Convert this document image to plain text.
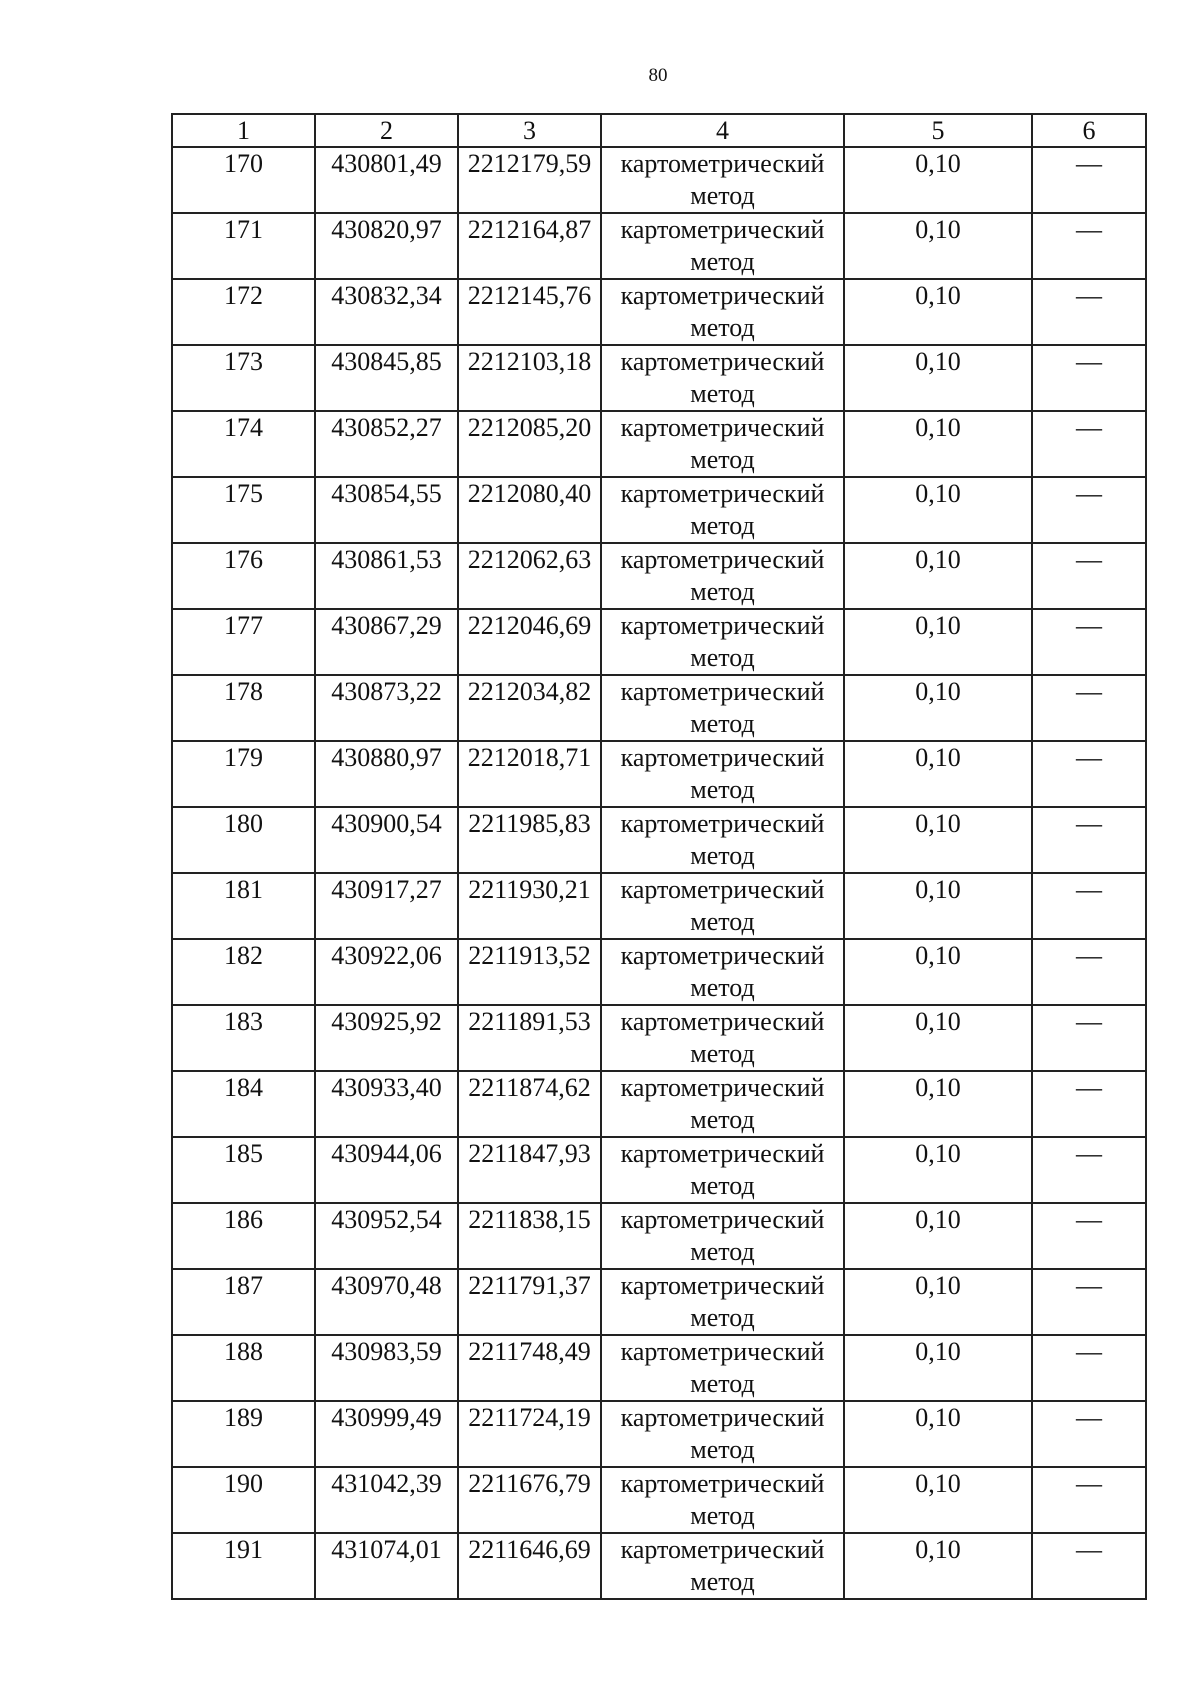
80
1	2	3	4	5	6
170	430801,49	2212179,59	картометрический
метод	0,10	—
171	430820,97	2212164,87	картометрический
метод	0,10	—
172	430832,34	2212145,76	картометрический
метод	0,10	—
173	430845,85	2212103,18	картометрический
метод	0,10	—
174	430852,27	2212085,20	картометрический
метод	0,10	—
175	430854,55	2212080,40	картометрический
метод	0,10	—
176	430861,53	2212062,63	картометрический
метод	0,10	—
177	430867,29	2212046,69	картометрический
метод	0,10	—
178	430873,22	2212034,82	картометрический
метод	0,10	—
179	430880,97	2212018,71	картометрический
метод	0,10	—
180	430900,54	2211985,83	картометрический
метод	0,10	—
181	430917,27	2211930,21	картометрический
метод	0,10	—
182	430922,06	2211913,52	картометрический
метод	0,10	—
183	430925,92	2211891,53	картометрический
метод	0,10	—
184	430933,40	2211874,62	картометрический
метод	0,10	—
185	430944,06	2211847,93	картометрический
метод	0,10	—
186	430952,54	2211838,15	картометрический
метод	0,10	—
187	430970,48	2211791,37	картометрический
метод	0,10	—
188	430983,59	2211748,49	картометрический
метод	0,10	—
189	430999,49	2211724,19	картометрический
метод	0,10	—
190	431042,39	2211676,79	картометрический
метод	0,10	—
191	431074,01	2211646,69	картометрический
метод	0,10	—
